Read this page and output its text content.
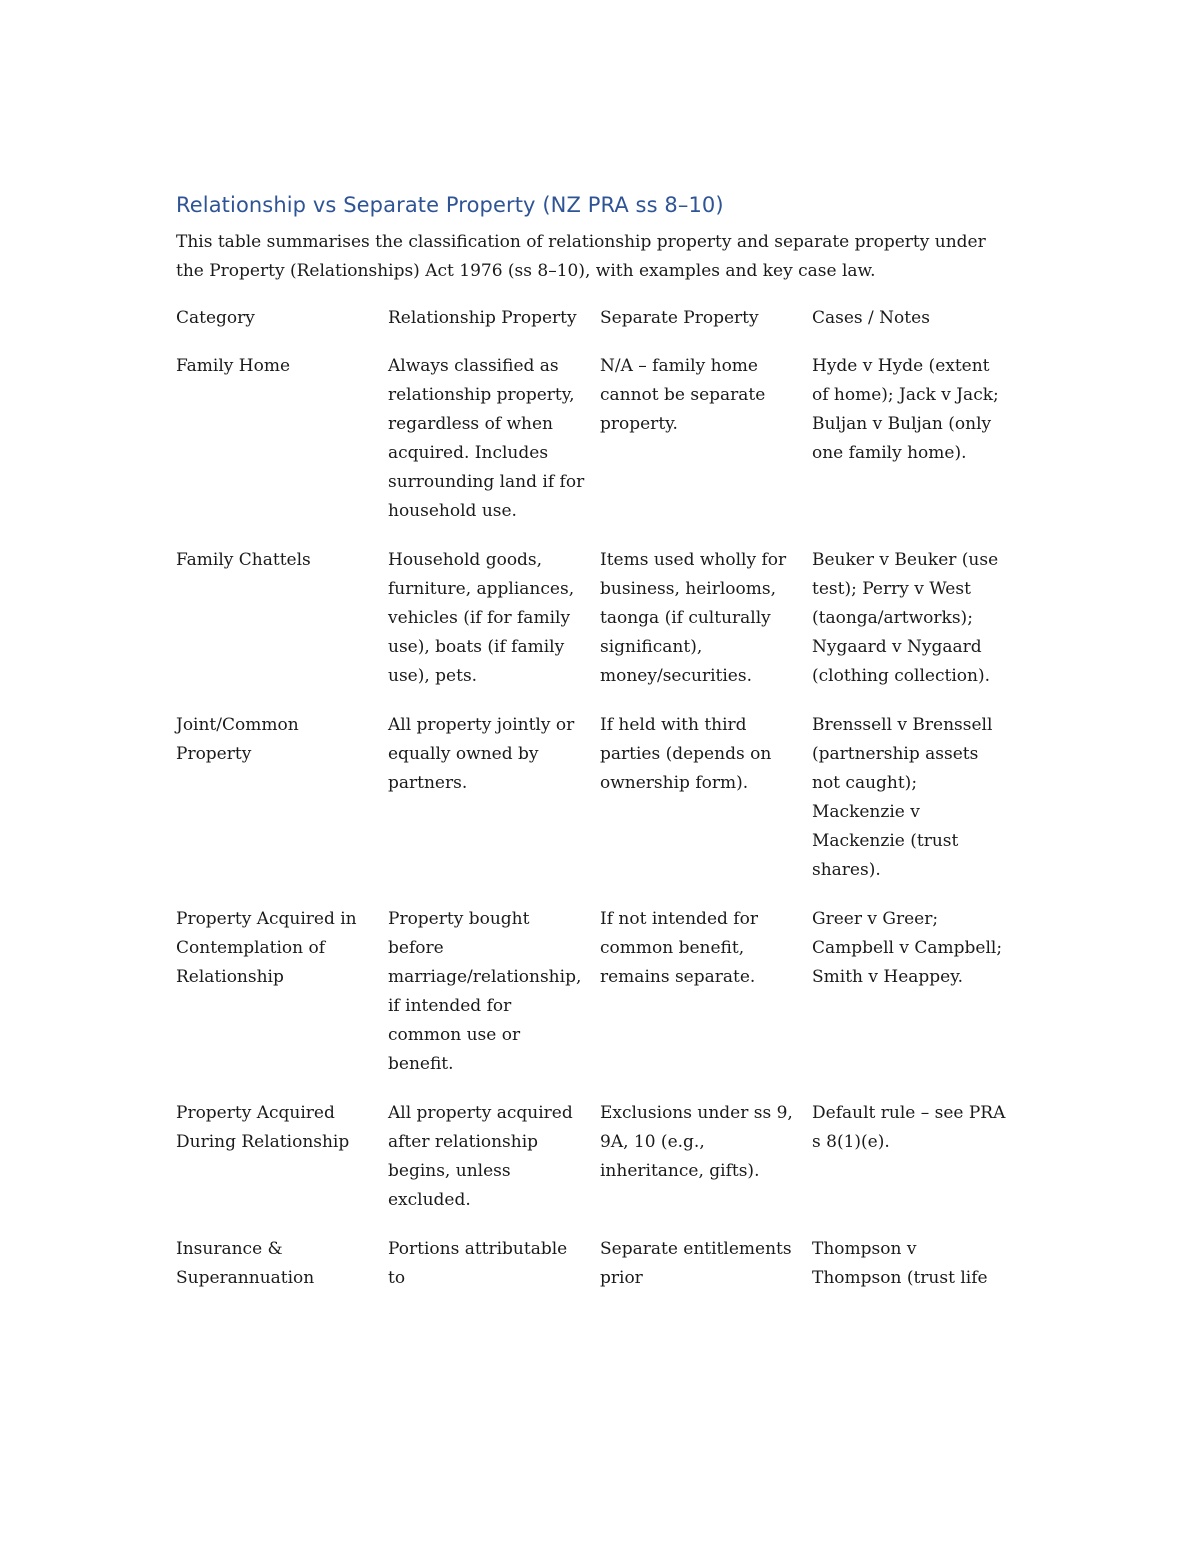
Relationship vs Separate Property (NZ PRA ss 8–10)

This table summarises the classification of relationship property and separate property under the Property (Relationships) Act 1976 (ss 8–10), with examples and key case law.

Category	Relationship Property	Separate Property	Cases / Notes
Family Home	Always classified as relationship property, regardless of when acquired. Includes surrounding land if for household use.	N/A – family home cannot be separate property.	Hyde v Hyde (extent of home); Jack v Jack; Buljan v Buljan (only one family home).
Family Chattels	Household goods, furniture, appliances, vehicles (if for family use), boats (if family use), pets.	Items used wholly for business, heirlooms, taonga (if culturally significant), money/securities.	Beuker v Beuker (use test); Perry v West (taonga/artworks); Nygaard v Nygaard (clothing collection).
Joint/Common Property	All property jointly or equally owned by partners.	If held with third parties (depends on ownership form).	Brenssell v Brenssell (partnership assets not caught); Mackenzie v Mackenzie (trust shares).
Property Acquired in Contemplation of Relationship	Property bought before marriage/relationship, if intended for common use or benefit.	If not intended for common benefit, remains separate.	Greer v Greer; Campbell v Campbell; Smith v Heappey.
Property Acquired During Relationship	All property acquired after relationship begins, unless excluded.	Exclusions under ss 9, 9A, 10 (e.g., inheritance, gifts).	Default rule – see PRA s 8(1)(e).
Insurance & Superannuation	Portions attributable to	Separate entitlements prior	Thompson v Thompson (trust life
